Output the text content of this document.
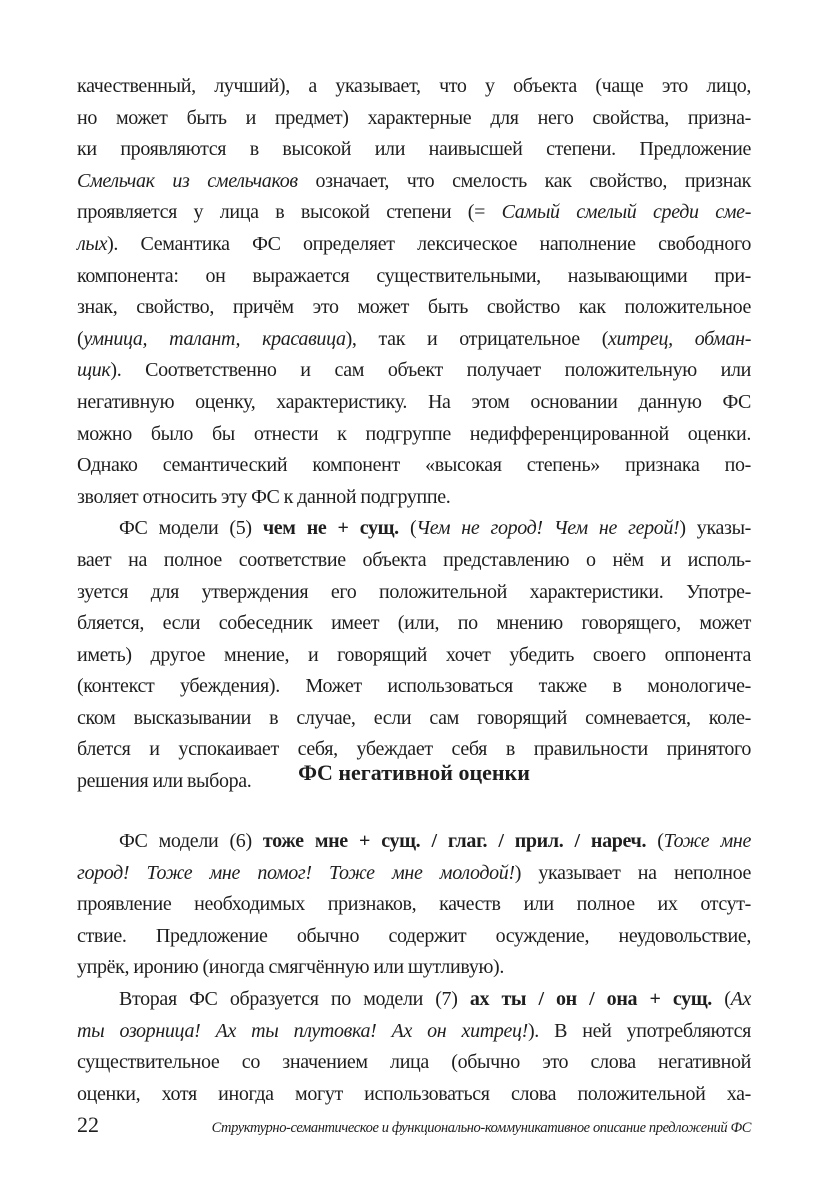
качественный, лучший), а указывает, что у объекта (чаще это лицо,
но может быть и предмет) характерные для него свойства, призна-
ки проявляются в высокой или наивысшей степени. Предложение
Смельчак из смельчаков означает, что смелость как свойство, признак
проявляется у лица в высокой степени (= Самый смелый среди сме-
лых). Семантика ФС определяет лексическое наполнение свободного
компонента: он выражается существительными, называющими при-
знак, свойство, причём это может быть свойство как положительное
(умница, талант, красавица), так и отрицательное (хитрец, обман-
щик). Соответственно и сам объект получает положительную или
негативную оценку, характеристику. На этом основании данную ФС
можно было бы отнести к подгруппе недифференцированной оценки.
Однако семантический компонент «высокая степень» признака по-
зволяет относить эту ФС к данной подгруппе.
ФС модели (5) чем не + сущ. (Чем не город! Чем не герой!) указы-
вает на полное соответствие объекта представлению о нём и исполь-
зуется для утверждения его положительной характеристики. Употре-
бляется, если собеседник имеет (или, по мнению говорящего, может
иметь) другое мнение, и говорящий хочет убедить своего оппонента
(контекст убеждения). Может использоваться также в монологиче-
ском высказывании в случае, если сам говорящий сомневается, коле-
блется и успокаивает себя, убеждает себя в правильности принятого
решения или выбора.	ФС негативной оценки
ФС модели (6) тоже мне + сущ. / глаг. / прил. / нареч. (Тоже мне
город! Тоже мне помог! Тоже мне молодой!) указывает на неполное
проявление необходимых признаков, качеств или полное их отсут-
ствие. Предложение обычно содержит осуждение, неудовольствие,
упрёк, иронию (иногда смягчённую или шутливую).
Вторая ФС образуется по модели (7) ах ты / он / она + сущ. (Ах
ты озорница! Ах ты плутовка! Ах он хитрец!). В ней употребляются
существительное со значением лица (обычно это слова негативной
оценки, хотя иногда могут использоваться слова положительной ха-
22	Структурно-семантическое и функционально-коммуникативное описание предложений ФС
